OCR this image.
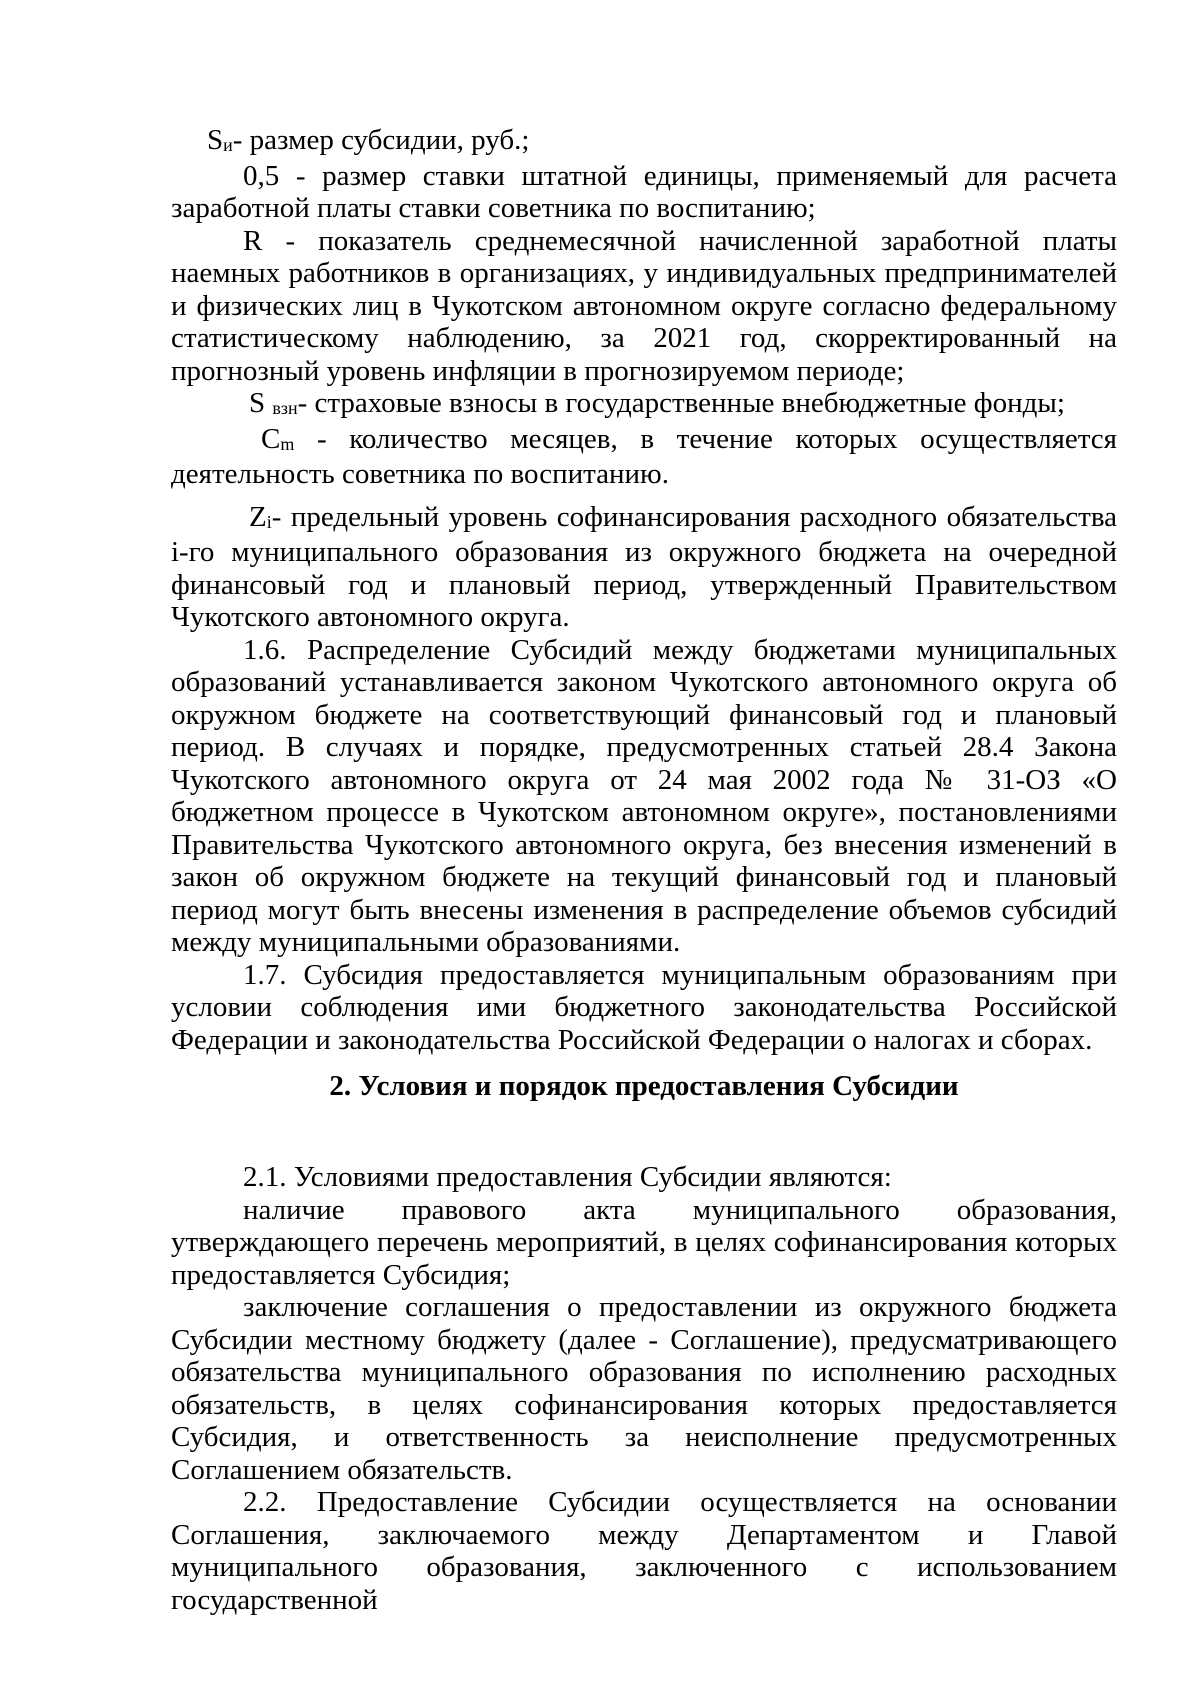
$S_и-$ размер субсидии, руб.;

0,5 - размер ставки штатной единицы, применяемый для расчета заработной платы ставки советника по воспитанию;

R - показатель среднемесячной начисленной заработной платы наемных работников в организациях, у индивидуальных предпринимателей и физических лиц в Чукотском автономном округе согласно федеральному статистическому наблюдению, за 2021 год, скорректированный на прогнозный уровень инфляции в прогнозируемом периоде;

S $_{взн}$- страховые взносы в государственные внебюджетные фонды;

$C_m$ - количество месяцев, в течение которых осуществляется деятельность советника по воспитанию.

$Z_i-$ предельный уровень софинансирования расходного обязательства i-го муниципального образования из окружного бюджета на очередной финансовый год и плановый период, утвержденный Правительством Чукотского автономного округа.

1.6. Распределение Субсидий между бюджетами муниципальных образований устанавливается законом Чукотского автономного округа об окружном бюджете на соответствующий финансовый год и плановый период. В случаях и порядке, предусмотренных статьей 28.4 Закона Чукотского автономного округа от 24 мая 2002 года № 31-ОЗ «О бюджетном процессе в Чукотском автономном округе», постановлениями Правительства Чукотского автономного округа, без внесения изменений в закон об окружном бюджете на текущий финансовый год и плановый период могут быть внесены изменения в распределение объемов субсидий между муниципальными образованиями.

1.7. Субсидия предоставляется муниципальным образованиям при условии соблюдения ими бюджетного законодательства Российской Федерации и законодательства Российской Федерации о налогах и сборах.

2. Условия и порядок предоставления Субсидии

2.1. Условиями предоставления Субсидии являются:

наличие правового акта муниципального образования, утверждающего перечень мероприятий, в целях софинансирования которых предоставляется Субсидия;

заключение соглашения о предоставлении из окружного бюджета Субсидии местному бюджету (далее - Соглашение), предусматривающего обязательства муниципального образования по исполнению расходных обязательств, в целях софинансирования которых предоставляется Субсидия, и ответственность за неисполнение предусмотренных Соглашением обязательств.

2.2. Предоставление Субсидии осуществляется на основании Соглашения, заключаемого между Департаментом и Главой муниципального образования, заключенного с использованием государственной
